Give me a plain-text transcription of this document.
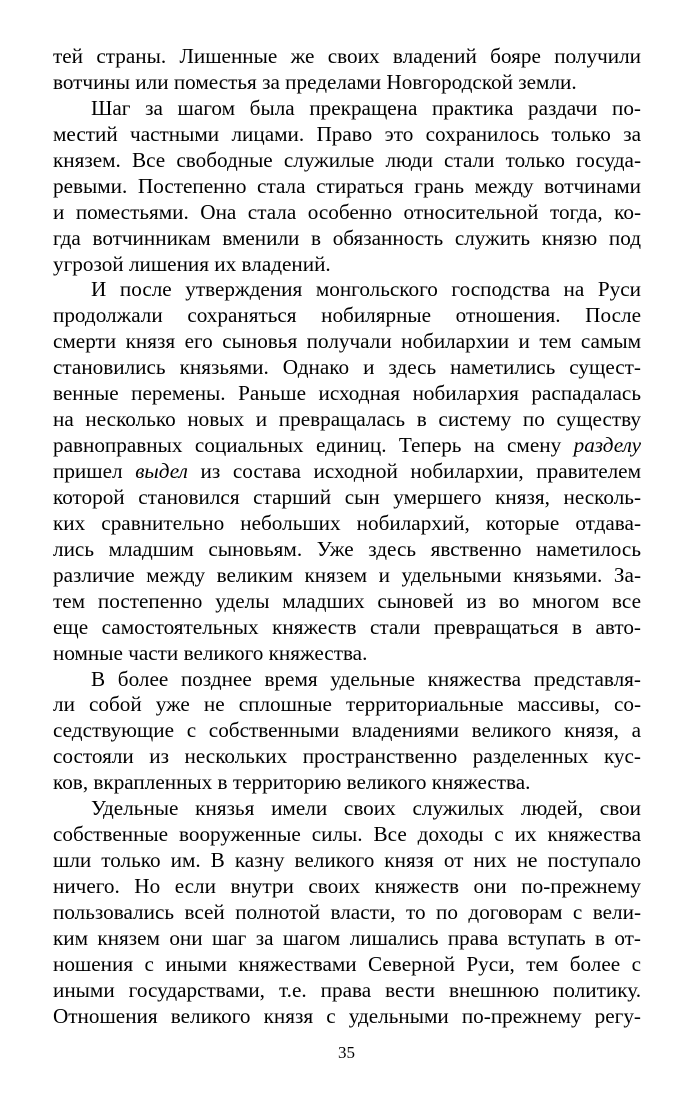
тей страны. Лишенные же своих владений бояре получили
вотчины или поместья за пределами Новгородской земли.
Шаг за шагом была прекращена практика раздачи по-
местий частными лицами. Право это сохранилось только за
князем. Все свободные служилые люди стали только госуда-
ревыми. Постепенно стала стираться грань между вотчинами
и поместьями. Она стала особенно относительной тогда, ко-
гда вотчинникам вменили в обязанность служить князю под
угрозой лишения их владений.
И после утверждения монгольского господства на Руси
продолжали сохраняться нобилярные отношения. После
смерти князя его сыновья получали нобилархии и тем самым
становились князьями. Однако и здесь наметились сущест-
венные перемены. Раньше исходная нобилархия распадалась
на несколько новых и превращалась в систему по существу
равноправных социальных единиц. Теперь на смену разделу
пришел выдел из состава исходной нобилархии, правителем
которой становился старший сын умершего князя, несколь-
ких сравнительно небольших нобилархий, которые отдава-
лись младшим сыновьям. Уже здесь явственно наметилось
различие между великим князем и удельными князьями. За-
тем постепенно уделы младших сыновей из во многом все
еще самостоятельных княжеств стали превращаться в авто-
номные части великого княжества.
В более позднее время удельные княжества представля-
ли собой уже не сплошные территориальные массивы, со-
седствующие с собственными владениями великого князя, а
состояли из нескольких пространственно разделенных кус-
ков, вкрапленных в территорию великого княжества.
Удельные князья имели своих служилых людей, свои
собственные вооруженные силы. Все доходы с их княжества
шли только им. В казну великого князя от них не поступало
ничего. Но если внутри своих княжеств они по-прежнему
пользовались всей полнотой власти, то по договорам с вели-
ким князем они шаг за шагом лишались права вступать в от-
ношения с иными княжествами Северной Руси, тем более с
иными государствами, т.е. права вести внешнюю политику.
Отношения великого князя с удельными по-прежнему регу-
35
